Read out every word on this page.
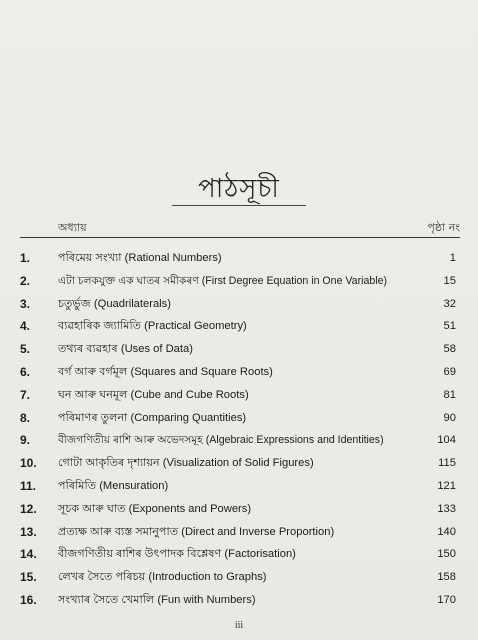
পাঠসূচী
অধ্যায়	পৃষ্ঠা নং
1.	পৰিমেয় সংখ্যা (Rational Numbers)	1
2.	এটা চলকযুক্ত এক ঘাতৰ সমীকৰণ (First Degree Equation in One Variable)	15
3.	চতুৰ্ভুজ (Quadrilaterals)	32
4.	ব্যৱহাৰিক জ্যামিতি (Practical Geometry)	51
5.	তথ্যৰ ব্যৱহাৰ (Uses of Data)	58
6.	বৰ্গ আৰু বৰ্গমূল (Squares and Square Roots)	69
7.	ঘন আৰু ঘনমূল (Cube and Cube Roots)	81
8.	পৰিমাণৰ তুলনা (Comparing Quantities)	90
9.	বীজগণিতীয় ৰাশি আৰু অভেদসমূহ (Algebraic Expressions and Identities)	104
10.	গোটা আকৃতিৰ দৃশ্যায়ন (Visualization of Solid Figures)	115
11.	পৰিমিতি (Mensuration)	121
12.	সূচক আৰু ঘাত (Exponents and Powers)	133
13.	প্ৰত্যক্ষ আৰু ব্যস্ত সমানুপাত (Direct and Inverse Proportion)	140
14.	বীজগণিতীয় ৰাশিৰ উৎপাদক বিশ্লেষণ (Factorisation)	150
15.	লেখৰ সৈতে পৰিচয় (Introduction to Graphs)	158
16.	সংখ্যাৰ সৈতে খেমালি (Fun with Numbers)	170
iii
